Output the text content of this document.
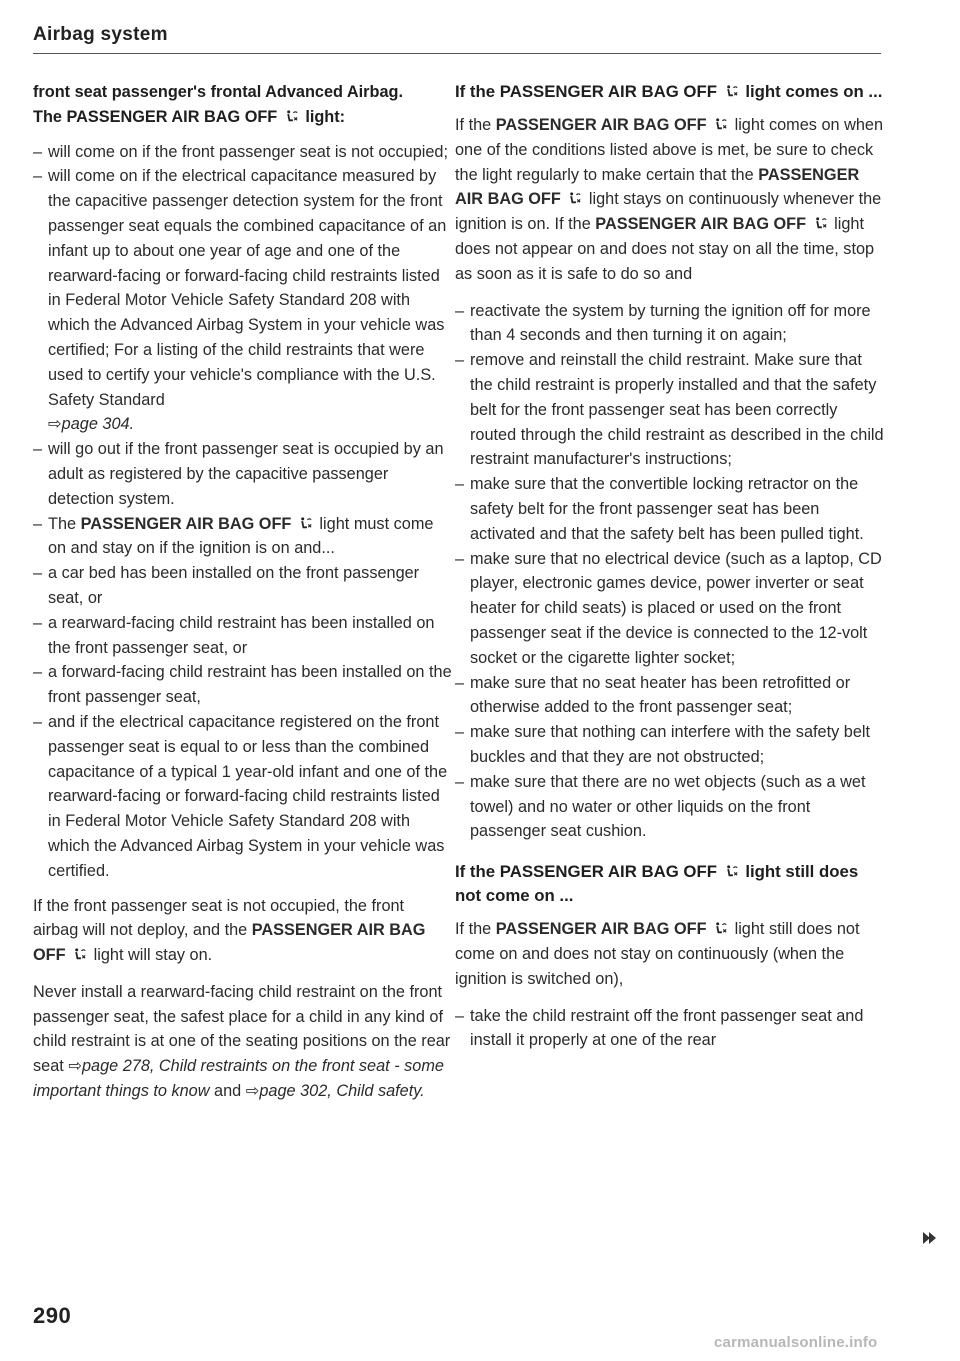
Airbag system

front seat passenger's frontal Advanced Airbag.
The PASSENGER AIR BAG OFF light:

– will come on if the front passenger seat is not occupied;
– will come on if the electrical capacitance measured by the capacitive passenger detection system for the front passenger seat equals the combined capacitance of an infant up to about one year of age and one of the rearward-facing or forward-facing child restraints listed in Federal Motor Vehicle Safety Standard 208 with which the Advanced Airbag System in your vehicle was certified; For a listing of the child restraints that were used to certify your vehicle's compliance with the U.S. Safety Standard
⇨page 304.
– will go out if the front passenger seat is occupied by an adult as registered by the capacitive passenger detection system.
– The PASSENGER AIR BAG OFF light must come on and stay on if the ignition is on and...
– a car bed has been installed on the front passenger seat, or
– a rearward-facing child restraint has been installed on the front passenger seat, or
– a forward-facing child restraint has been installed on the front passenger seat,
– and if the electrical capacitance registered on the front passenger seat is equal to or less than the combined capacitance of a typical 1 year-old infant and one of the rearward-facing or forward-facing child restraints listed in Federal Motor Vehicle Safety Standard 208 with which the Advanced Airbag System in your vehicle was certified.

If the front passenger seat is not occupied, the front airbag will not deploy, and the PASSENGER AIR BAG OFF light will stay on.

Never install a rearward-facing child restraint on the front passenger seat, the safest place for a child in any kind of child restraint is at one of the seating positions on the rear seat ⇨page 278, Child restraints on the front seat - some important things to know and ⇨page 302, Child safety.

If the PASSENGER AIR BAG OFF light comes on ...

If the PASSENGER AIR BAG OFF light comes on when one of the conditions listed above is met, be sure to check the light regularly to make certain that the PASSENGER AIR BAG OFF light stays on continuously whenever the ignition is on. If the PASSENGER AIR BAG OFF light does not appear on and does not stay on all the time, stop as soon as it is safe to do so and

– reactivate the system by turning the ignition off for more than 4 seconds and then turning it on again;
– remove and reinstall the child restraint. Make sure that the child restraint is properly installed and that the safety belt for the front passenger seat has been correctly routed through the child restraint as described in the child restraint manufacturer's instructions;
– make sure that the convertible locking retractor on the safety belt for the front passenger seat has been activated and that the safety belt has been pulled tight.
– make sure that no electrical device (such as a laptop, CD player, electronic games device, power inverter or seat heater for child seats) is placed or used on the front passenger seat if the device is connected to the 12-volt socket or the cigarette lighter socket;
– make sure that no seat heater has been retrofitted or otherwise added to the front passenger seat;
– make sure that nothing can interfere with the safety belt buckles and that they are not obstructed;
– make sure that there are no wet objects (such as a wet towel) and no water or other liquids on the front passenger seat cushion.
If the PASSENGER AIR BAG OFF light still does not come on ...

If the PASSENGER AIR BAG OFF light still does not come on and does not stay on continuously (when the ignition is switched on),

– take the child restraint off the front passenger seat and install it properly at one of the rear
290
carmanualsonline.info
